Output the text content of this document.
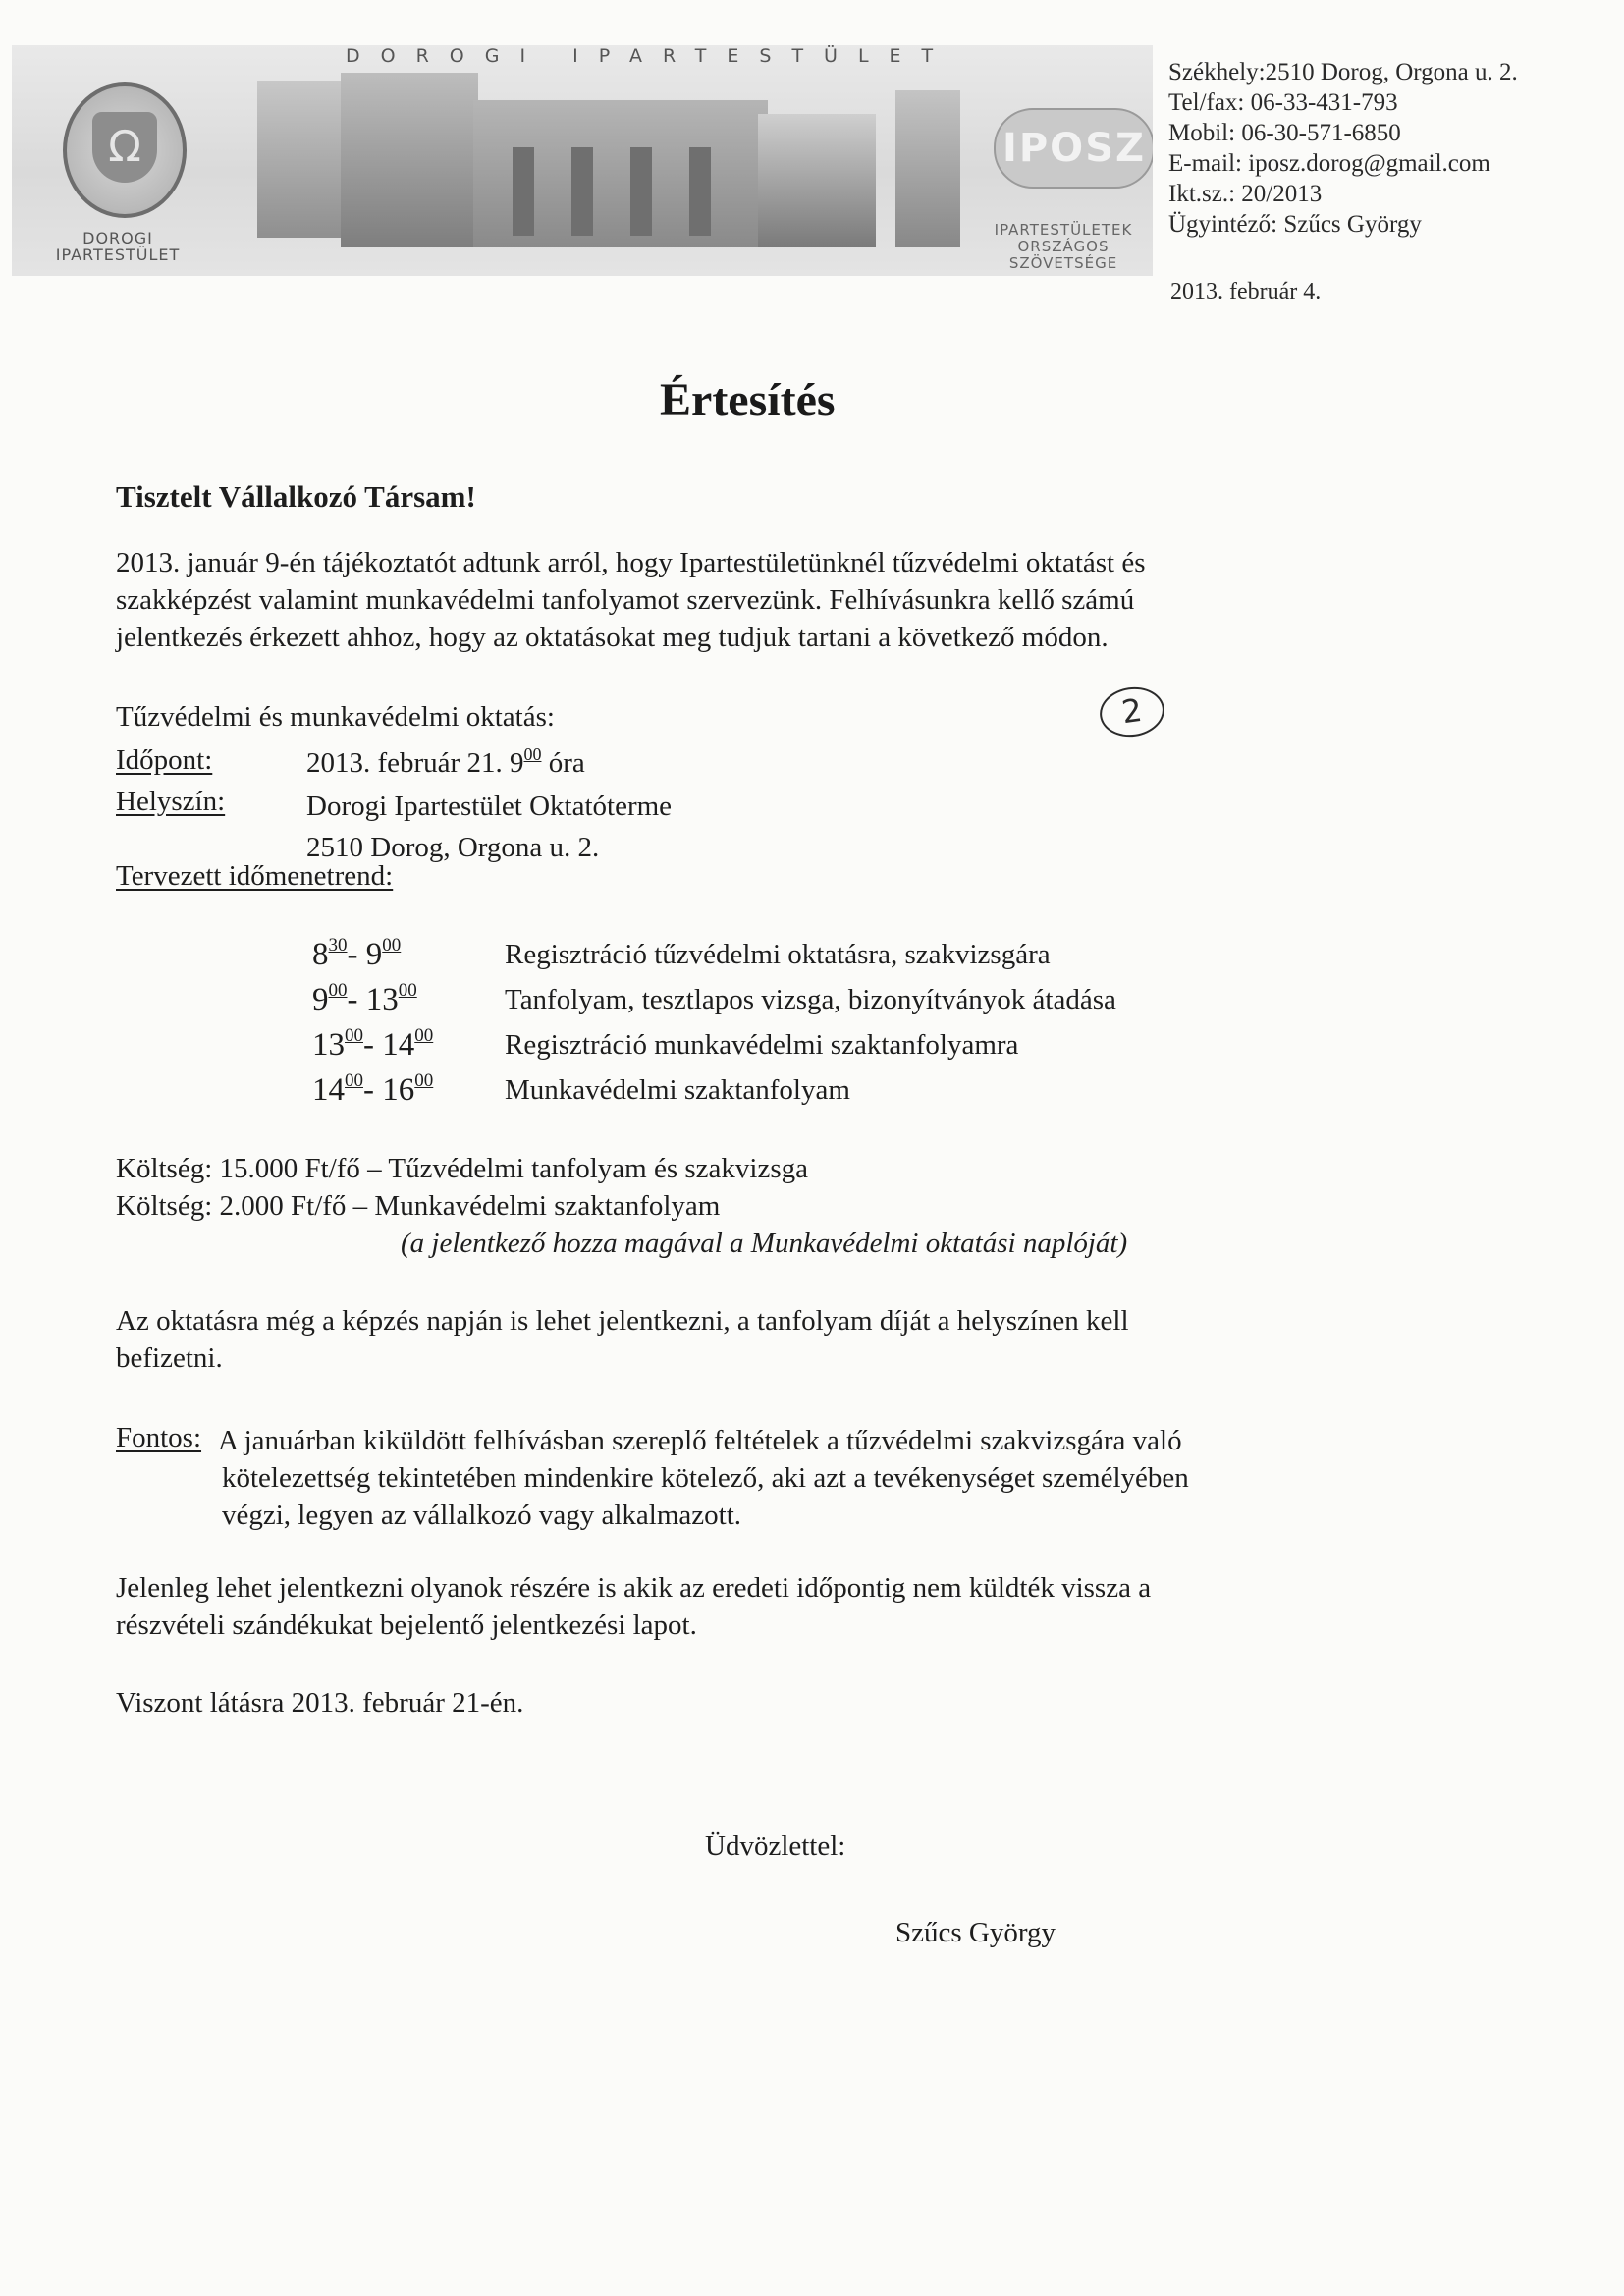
DOROGI IPARTESTÜLET
Ω
DOROGI
IPARTESTÜLET
IPOSZ
IPARTESTÜLETEK
ORSZÁGOS SZÖVETSÉGE
Székhely:2510 Dorog, Orgona u. 2.
Tel/fax: 06-33-431-793
Mobil: 06-30-571-6850
E-mail: iposz.dorog@gmail.com
Ikt.sz.: 20/2013
Ügyintéző: Szűcs György
2013. február 4.
Értesítés
Tisztelt Vállalkozó Társam!
2013. január 9-én tájékoztatót adtunk arról, hogy Ipartestületünknél tűzvédelmi oktatást és
szakképzést valamint munkavédelmi tanfolyamot szervezünk. Felhívásunkra kellő számú
jelentkezés érkezett ahhoz, hogy az oktatásokat meg tudjuk tartani a következő módon.
2
Tűzvédelmi és munkavédelmi oktatás:
Időpont:	2013. február 21. $9^{00}$ óra
Helyszín:	Dorogi Ipartestület Oktatóterme
2510 Dorog, Orgona u. 2.
Tervezett időmenetrend:
$8^{30}-$ $9^{00}$	Regisztráció tűzvédelmi oktatásra, szakvizsgára
$9^{00}-$ $13^{00}$	Tanfolyam, tesztlapos vizsga, bizonyítványok átadása
$13^{00}-$ $14^{00}$	Regisztráció munkavédelmi szaktanfolyamra
$14^{00}-$ $16^{00}$	Munkavédelmi szaktanfolyam
Költség: 15.000 Ft/fő – Tűzvédelmi tanfolyam és szakvizsga
Költség: 2.000 Ft/fő – Munkavédelmi szaktanfolyam
(a jelentkező hozza magával a Munkavédelmi oktatási naplóját)
Az oktatásra még a képzés napján is lehet jelentkezni, a tanfolyam díját a helyszínen kell
befizetni.
Fontos: A januárban kiküldött felhívásban szereplő feltételek a tűzvédelmi szakvizsgára való
kötelezettség tekintetében mindenkire kötelező, aki azt a tevékenységet személyében
végzi, legyen az vállalkozó vagy alkalmazott.
Jelenleg lehet jelentkezni olyanok részére is akik az eredeti időpontig nem küldték vissza a
részvételi szándékukat bejelentő jelentkezési lapot.
Viszont látásra 2013. február 21-én.
Üdvözlettel:
Szűcs György
